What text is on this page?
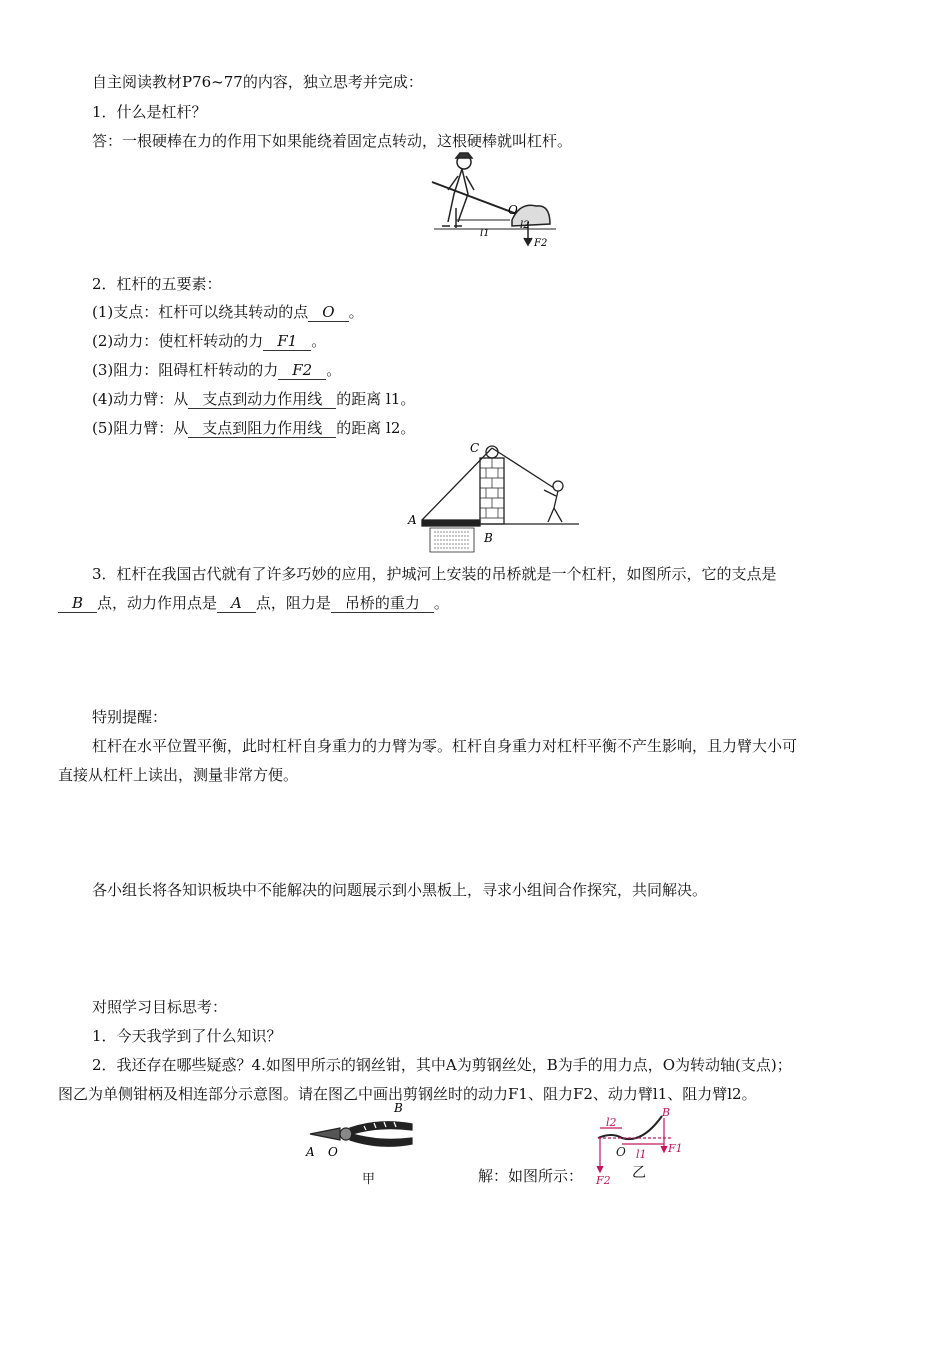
自主阅读教材P76~77的内容，独立思考并完成：
1．什么是杠杆？
答：一根硬棒在力的作用下如果能绕着固定点转动，这根硬棒就叫杠杆。
O
l1
l2
F2
2．杠杆的五要素：
(1)支点：杠杆可以绕其转动的点 O 。
(2)动力：使杠杆转动的力 F1 。
(3)阻力：阻碍杠杆转动的力 F2 。
(4)动力臂：从 支点到动力作用线 的距离 l1。
(5)阻力臂：从 支点到阻力作用线 的距离 l2。
A
B
C
3．杠杆在我国古代就有了许多巧妙的应用，护城河上安装的吊桥就是一个杠杆，如图所示，它的支点是
B 点，动力作用点是 A 点，阻力是 吊桥的重力 。
特别提醒：
杠杆在水平位置平衡，此时杠杆自身重力的力臂为零。杠杆自身重力对杠杆平衡不产生影响，且力臂大小可
直接从杠杆上读出，测量非常方便。
各小组长将各知识板块中不能解决的问题展示到小黑板上，寻求小组间合作探究，共同解决。
对照学习目标思考：
1．今天我学到了什么知识？
2．我还存在哪些疑惑？4.如图甲所示的钢丝钳，其中A为剪钢丝处，B为手的用力点，O为转动轴(支点)；
图乙为单侧钳柄及相连部分示意图。请在图乙中画出剪钢丝时的动力F1、阻力F2、动力臂l1、阻力臂l2。
B
A O
甲	解：如图所示：
l2
B
F1
O l1
F2 乙
